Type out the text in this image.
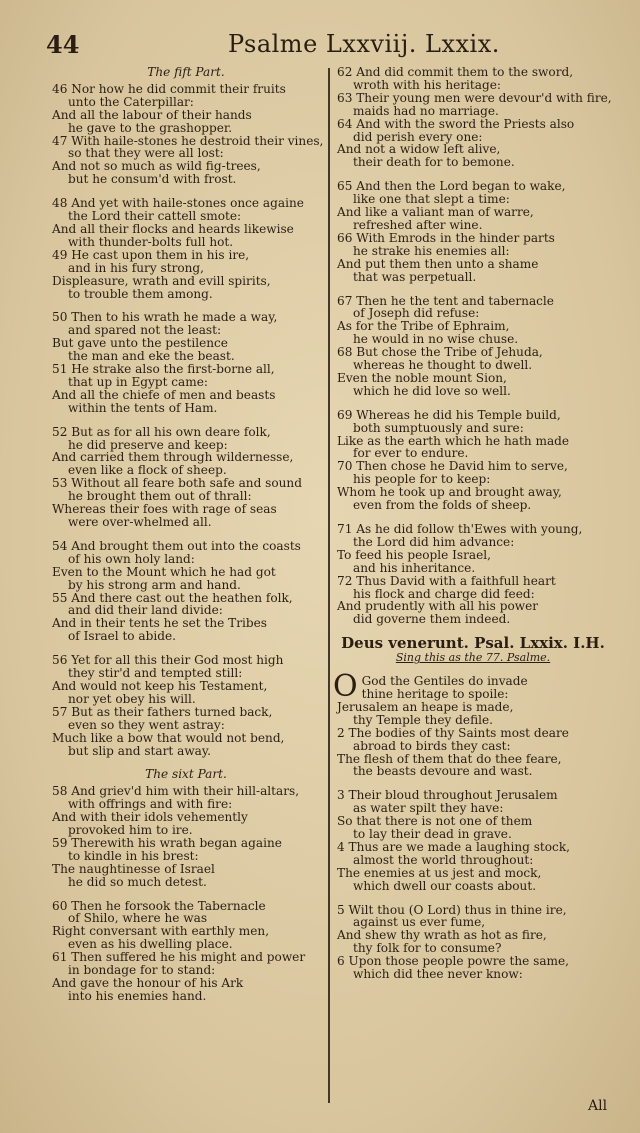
44	Psalme Lxxviij. Lxxix.
The fift Part.
46 Nor how he did commit their fruits
unto the Caterpillar:
And all the labour of their hands
he gave to the grashopper.
47 With haile-stones he destroid their vines,
so that they were all lost:
And not so much as wild fig-trees,
but he consum'd with frost.
48 And yet with haile-stones once againe
the Lord their cattell smote:
And all their flocks and heards likewise
with thunder-bolts full hot.
49 He cast upon them in his ire,
and in his fury strong,
Displeasure, wrath and evill spirits,
to trouble them among.
50 Then to his wrath he made a way,
and spared not the least:
But gave unto the pestilence
the man and eke the beast.
51 He strake also the first-borne all,
that up in Egypt came:
And all the chiefe of men and beasts
within the tents of Ham.
52 But as for all his own deare folk,
he did preserve and keep:
And carried them through wildernesse,
even like a flock of sheep.
53 Without all feare both safe and sound
he brought them out of thrall:
Whereas their foes with rage of seas
were over-whelmed all.
54 And brought them out into the coasts
of his own holy land:
Even to the Mount which he had got
by his strong arm and hand.
55 And there cast out the heathen folk,
and did their land divide:
And in their tents he set the Tribes
of Israel to abide.
56 Yet for all this their God most high
they stir'd and tempted still:
And would not keep his Testament,
nor yet obey his will.
57 But as their fathers turned back,
even so they went astray:
Much like a bow that would not bend,
but slip and start away.
The sixt Part.
58 And griev'd him with their hill-altars,
with offrings and with fire:
And with their idols vehemently
provoked him to ire.
59 Therewith his wrath began againe
to kindle in his brest:
The naughtinesse of Israel
he did so much detest.
60 Then he forsook the Tabernacle
of Shilo, where he was
Right conversant with earthly men,
even as his dwelling place.
61 Then suffered he his might and power
in bondage for to stand:
And gave the honour of his Ark
into his enemies hand.
62 And did commit them to the sword,
wroth with his heritage:
63 Their young men were devour'd with fire,
maids had no marriage.
64 And with the sword the Priests also
did perish every one:
And not a widow left alive,
their death for to bemone.
65 And then the Lord began to wake,
like one that slept a time:
And like a valiant man of warre,
refreshed after wine.
66 With Emrods in the hinder parts
he strake his enemies all:
And put them then unto a shame
that was perpetuall.
67 Then he the tent and tabernacle
of Joseph did refuse:
As for the Tribe of Ephraim,
he would in no wise chuse.
68 But chose the Tribe of Jehuda,
whereas he thought to dwell.
Even the noble mount Sion,
which he did love so well.
69 Whereas he did his Temple build,
both sumptuously and sure:
Like as the earth which he hath made
for ever to endure.
70 Then chose he David him to serve,
his people for to keep:
Whom he took up and brought away,
even from the folds of sheep.
71 As he did follow th'Ewes with young,
the Lord did him advance:
To feed his people Israel,
and his inheritance.
72 Thus David with a faithfull heart
his flock and charge did feed:
And prudently with all his power
did governe them indeed.
Deus venerunt. Psal. Lxxix. I.H.
Sing this as the 77. Psalme.
O God the Gentiles do invade
thine heritage to spoile:
Jerusalem an heape is made,
thy Temple they defile.
2 The bodies of thy Saints most deare
abroad to birds they cast:
The flesh of them that do thee feare,
the beasts devoure and wast.
3 Their bloud throughout Jerusalem
as water spilt they have:
So that there is not one of them
to lay their dead in grave.
4 Thus are we made a laughing stock,
almost the world throughout:
The enemies at us jest and mock,
which dwell our coasts about.
5 Wilt thou (O Lord) thus in thine ire,
against us ever fume,
And shew thy wrath as hot as fire,
thy folk for to consume?
6 Upon those people powre the same,
which did thee never know:
All
